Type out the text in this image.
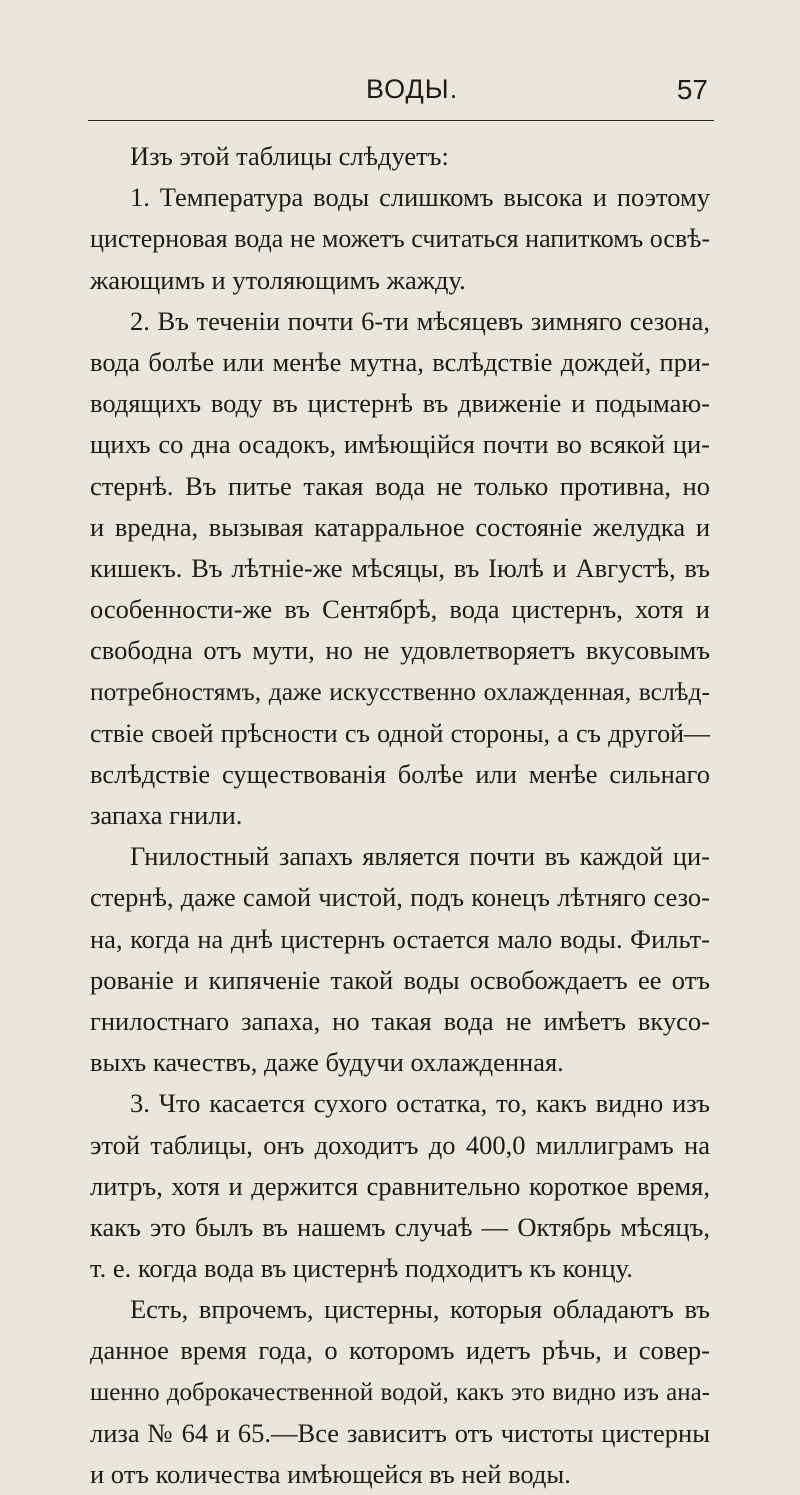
ВОДЫ.	57
Изъ этой таблицы слѣдуетъ:
1. Температура воды слишкомъ высока и поэтому
цистерновая вода не можетъ считаться напиткомъ освѣ-
жающимъ и утоляющимъ жажду.
2. Въ теченіи почти 6-ти мѣсяцевъ зимняго сезона,
вода болѣе или менѣе мутна, вслѣдствіе дождей, при-
водящихъ воду въ цистернѣ въ движеніе и подымаю-
щихъ со дна осадокъ, имѣющійся почти во всякой ци-
стернѣ. Въ питье такая вода не только противна, но
и вредна, вызывая катарральное состояніе желудка и
кишекъ. Въ лѣтніе-же мѣсяцы, въ Іюлѣ и Августѣ, въ
особенности-же въ Сентябрѣ, вода цистернъ, хотя и
свободна отъ мути, но не удовлетворяетъ вкусовымъ
потребностямъ, даже искусственно охлажденная, вслѣд-
ствіе своей прѣсности съ одной стороны, а съ другой—
вслѣдствіе существованія болѣе или менѣе сильнаго
запаха гнили.
Гнилостный запахъ является почти въ каждой ци-
стернѣ, даже самой чистой, подъ конецъ лѣтняго сезо-
на, когда на днѣ цистернъ остается мало воды. Фильт-
рованіе и кипяченіе такой воды освобождаетъ ее отъ
гнилостнаго запаха, но такая вода не имѣетъ вкусо-
выхъ качествъ, даже будучи охлажденная.
3. Что касается сухого остатка, то, какъ видно изъ
этой таблицы, онъ доходитъ до 400,0 миллиграмъ на
литръ, хотя и держится сравнительно короткое время,
какъ это былъ въ нашемъ случаѣ — Октябрь мѣсяцъ,
т. е. когда вода въ цистернѣ подходитъ къ концу.
Есть, впрочемъ, цистерны, которыя обладаютъ въ
данное время года, о которомъ идетъ рѣчь, и совер-
шенно доброкачественной водой, какъ это видно изъ ана-
лиза № 64 и 65.—Все зависитъ отъ чистоты цистерны
и отъ количества имѣющейся въ ней воды.
